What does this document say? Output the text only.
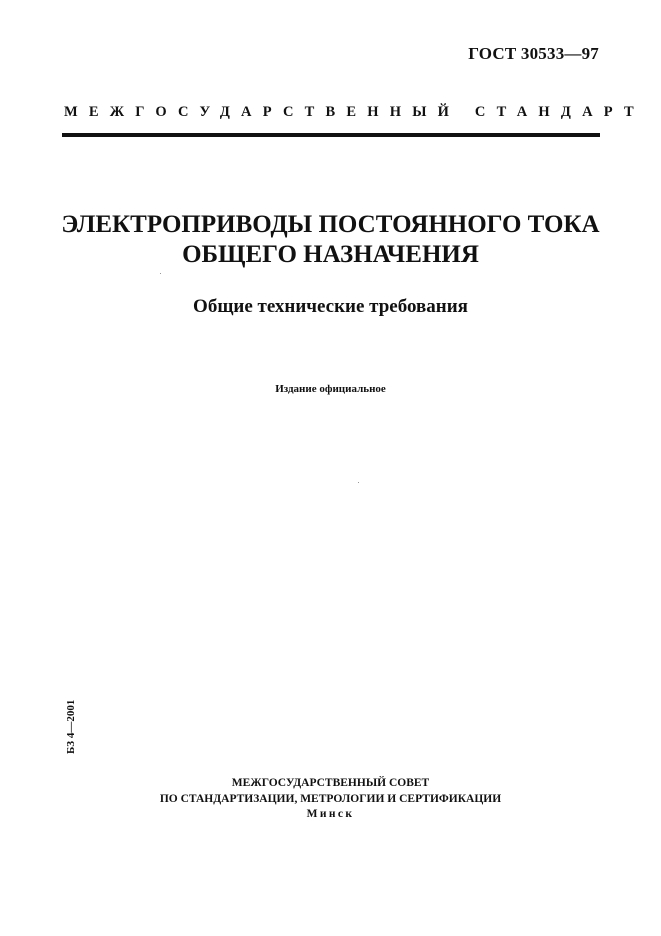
ГОСТ 30533—97
МЕЖГОСУДАРСТВЕННЫЙ СТАНДАРТ
ЭЛЕКТРОПРИВОДЫ ПОСТОЯННОГО ТОКА
ОБЩЕГО НАЗНАЧЕНИЯ
Общие технические требования
Издание официальное
БЗ 4—2001
МЕЖГОСУДАРСТВЕННЫЙ СОВЕТ
ПО СТАНДАРТИЗАЦИИ, МЕТРОЛОГИИ И СЕРТИФИКАЦИИ
Минск
